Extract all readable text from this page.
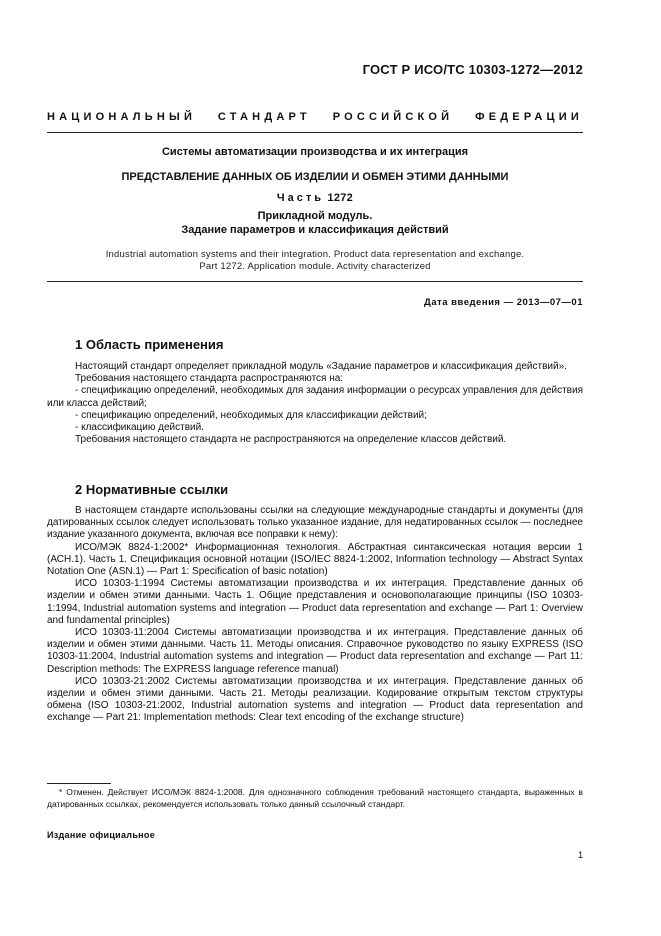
ГОСТ Р ИСО/ТС 10303-1272—2012
НАЦИОНАЛЬНЫЙ СТАНДАРТ РОССИЙСКОЙ ФЕДЕРАЦИИ
Системы автоматизации производства и их интеграция
ПРЕДСТАВЛЕНИЕ ДАННЫХ ОБ ИЗДЕЛИИ И ОБМЕН ЭТИМИ ДАННЫМИ
Часть 1272
Прикладной модуль.
Задание параметров и классификация действий
Industrial automation systems and their integration. Product data representation and exchange.
Part 1272. Application module. Activity characterized
Дата введения — 2013—07—01
1 Область применения

Настоящий стандарт определяет прикладной модуль «Задание параметров и классификация действий».

Требования настоящего стандарта распространяются на:

- спецификацию определений, необходимых для задания информации о ресурсах управления для действия или класса действий;

- спецификацию определений, необходимых для классификации действий;

- классификацию действий.

Требования настоящего стандарта не распространяются на определение классов действий.

2 Нормативные ссылки

В настоящем стандарте использованы ссылки на следующие международные стандарты и документы (для датированных ссылок следует использовать только указанное издание, для недатированных ссылок — последнее издание указанного документа, включая все поправки к нему):

ИСО/МЭК 8824-1:2002* Информационная технология. Абстрактная синтаксическая нотация версии 1 (АСН.1). Часть 1. Спецификация основной нотации (ISO/IEC 8824-1:2002, Information technology — Abstract Syntax Notation One (ASN.1) — Part 1: Specification of basic notation)

ИСО 10303-1:1994 Системы автоматизации производства и их интеграция. Представление данных об изделии и обмен этими данными. Часть 1. Общие представления и основополагающие принципы (ISO 10303-1:1994, Industrial automation systems and integration — Product data representation and exchange — Part 1: Overview and fundamental principles)

ИСО 10303-11:2004 Системы автоматизации производства и их интеграция. Представление данных об изделии и обмен этими данными. Часть 11. Методы описания. Справочное руководство по языку EXPRESS (ISO 10303-11:2004, Industrial automation systems and integration — Product data representation and exchange — Part 11: Description methods: The EXPRESS language reference manual)

ИСО 10303-21:2002 Системы автоматизации производства и их интеграция. Представление данных об изделии и обмен этими данными. Часть 21. Методы реализации. Кодирование открытым текстом структуры обмена (ISO 10303-21:2002, Industrial automation systems and integration — Product data representation and exchange — Part 21: Implementation methods: Clear text encoding of the exchange structure)

* Отменен. Действует ИСО/МЭК 8824-1:2008. Для однозначного соблюдения требований настоящего стандарта, выраженных в датированных ссылках, рекомендуется использовать только данный ссылочный стандарт.
Издание официальное
1
